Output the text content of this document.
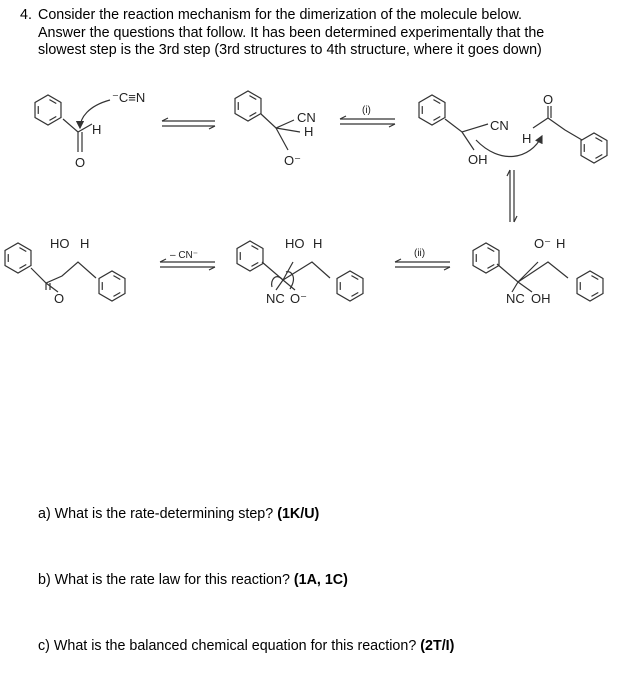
4. Consider the reaction mechanism for the dimerization of the molecule below.
Answer the questions that follow. It has been determined experimentally that the
slowest step is the 3rd step (3rd structures to 4th structure, where it goes down)
⁻C≡N
H
O
CN
H
O⁻
(i)
CN
OH
H
O
HO H
O
– CN⁻
HO H
NC O⁻
(ii)
O⁻ H
NC OH
a) What is the rate-determining step? (1K/U)
b) What is the rate law for this reaction? (1A, 1C)
c) What is the balanced chemical equation for this reaction? (2T/I)
